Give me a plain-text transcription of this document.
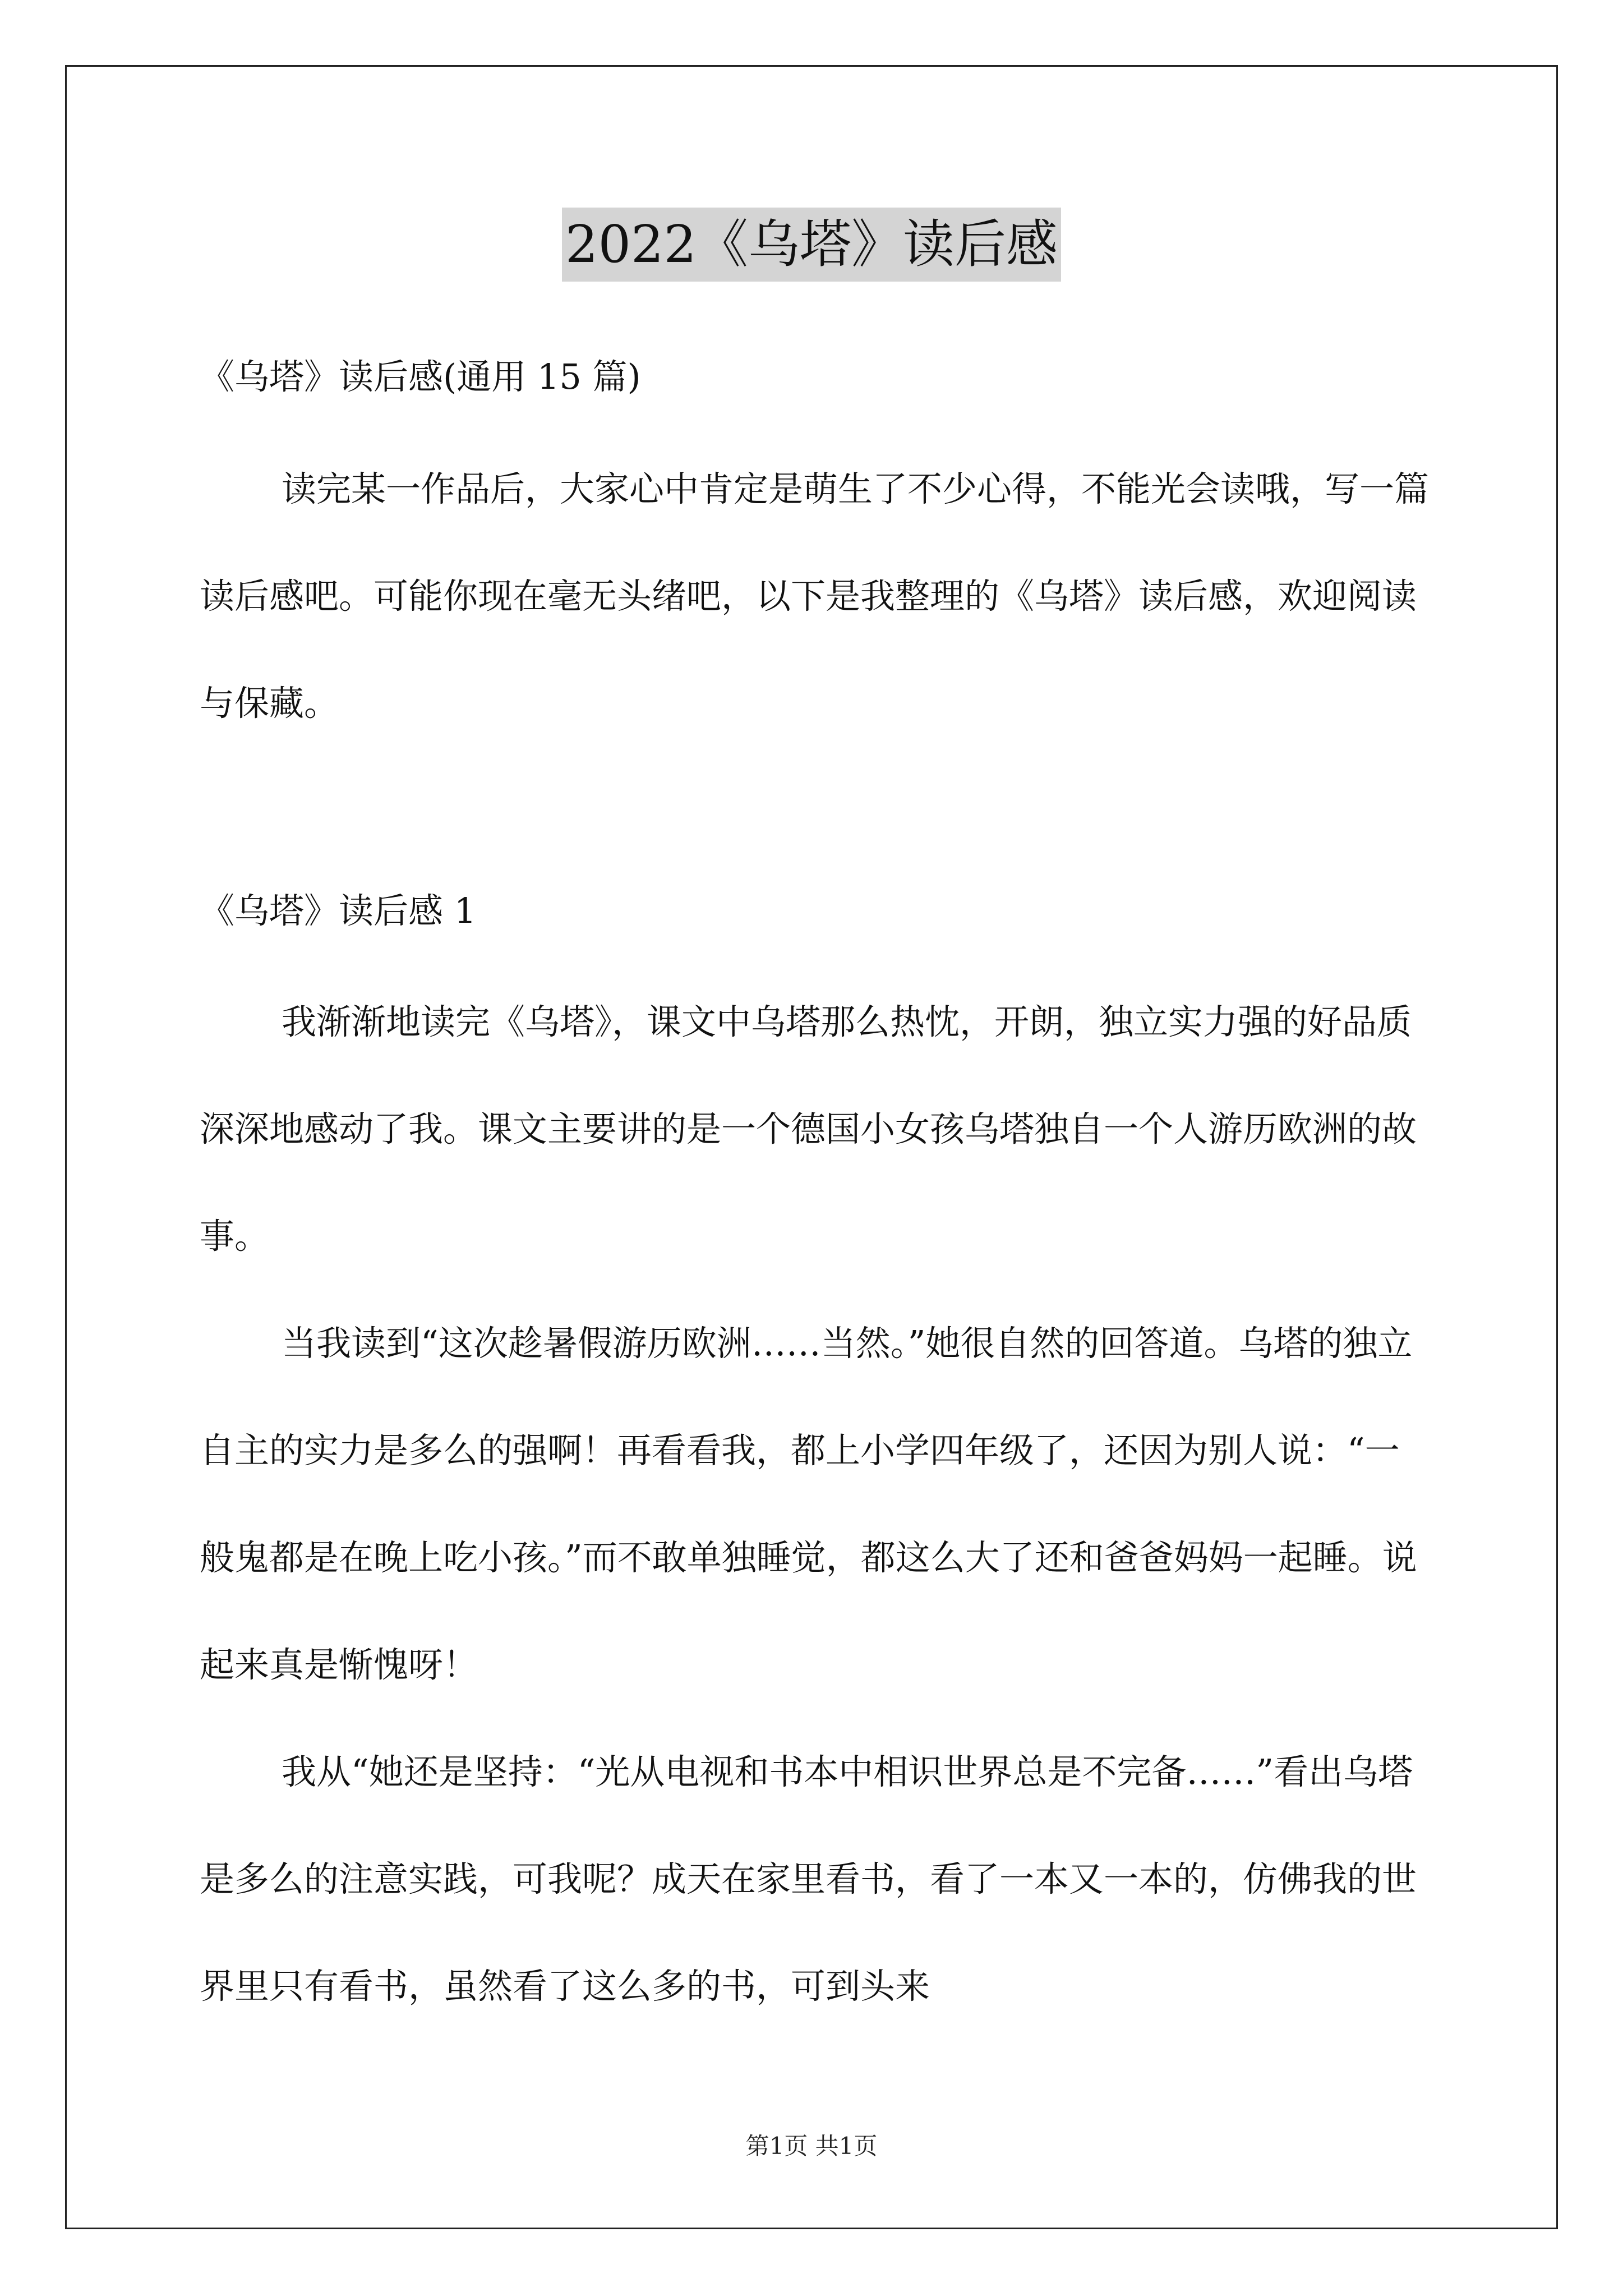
2022《乌塔》读后感
《乌塔》读后感(通用 15 篇)

读完某一作品后，大家心中肯定是萌生了不少心得，不能光会读哦，写一篇读后感吧。可能你现在毫无头绪吧，以下是我整理的《乌塔》读后感，欢迎阅读与保藏。

《乌塔》读后感 1

我渐渐地读完《乌塔》，课文中乌塔那么热忱，开朗，独立实力强的好品质深深地感动了我。课文主要讲的是一个德国小女孩乌塔独自一个人游历欧洲的故事。

当我读到“这次趁暑假游历欧洲……当然。”她很自然的回答道。乌塔的独立自主的实力是多么的强啊！再看看我，都上小学四年级了，还因为别人说：“一般鬼都是在晚上吃小孩。”而不敢单独睡觉，都这么大了还和爸爸妈妈一起睡。说起来真是惭愧呀！

我从“她还是坚持：“光从电视和书本中相识世界总是不完备……”看出乌塔是多么的注意实践，可我呢？成天在家里看书，看了一本又一本的，仿佛我的世界里只有看书，虽然看了这么多的书，可到头来

第1页 共1页
